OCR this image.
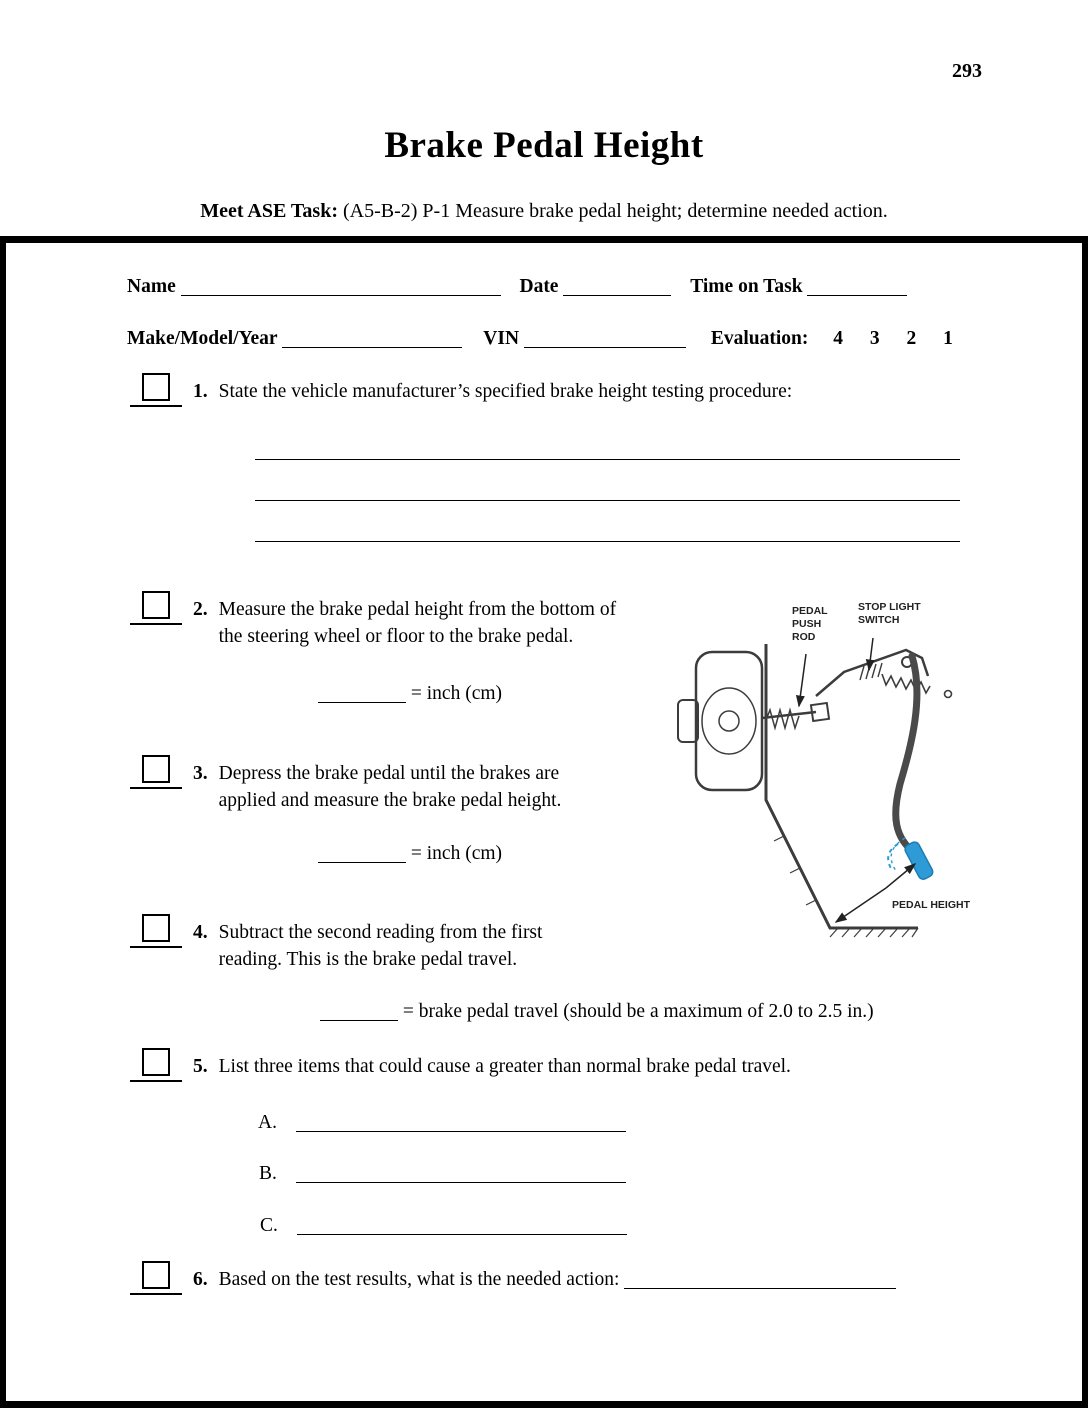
293
Brake Pedal Height
Meet ASE Task: (A5-B-2) P-1 Measure brake pedal height; determine needed action.
Name	Date	Time on Task
Make/Model/Year	VIN	Evaluation: 4 3 2 1
1. State the vehicle manufacturer’s specified brake height testing procedure:
2. Measure the brake pedal height from the bottom of the steering wheel or floor to the brake pedal.
= inch (cm)
3. Depress the brake pedal until the brakes are applied and measure the brake pedal height.
= inch (cm)
4. Subtract the second reading from the first reading. This is the brake pedal travel.
= brake pedal travel (should be a maximum of 2.0 to 2.5 in.)
5. List three items that could cause a greater than normal brake pedal travel.
A.
B.
C.
6. Based on the test results, what is the needed action:
PEDAL PUSH ROD
STOP LIGHT SWITCH
PEDAL HEIGHT
